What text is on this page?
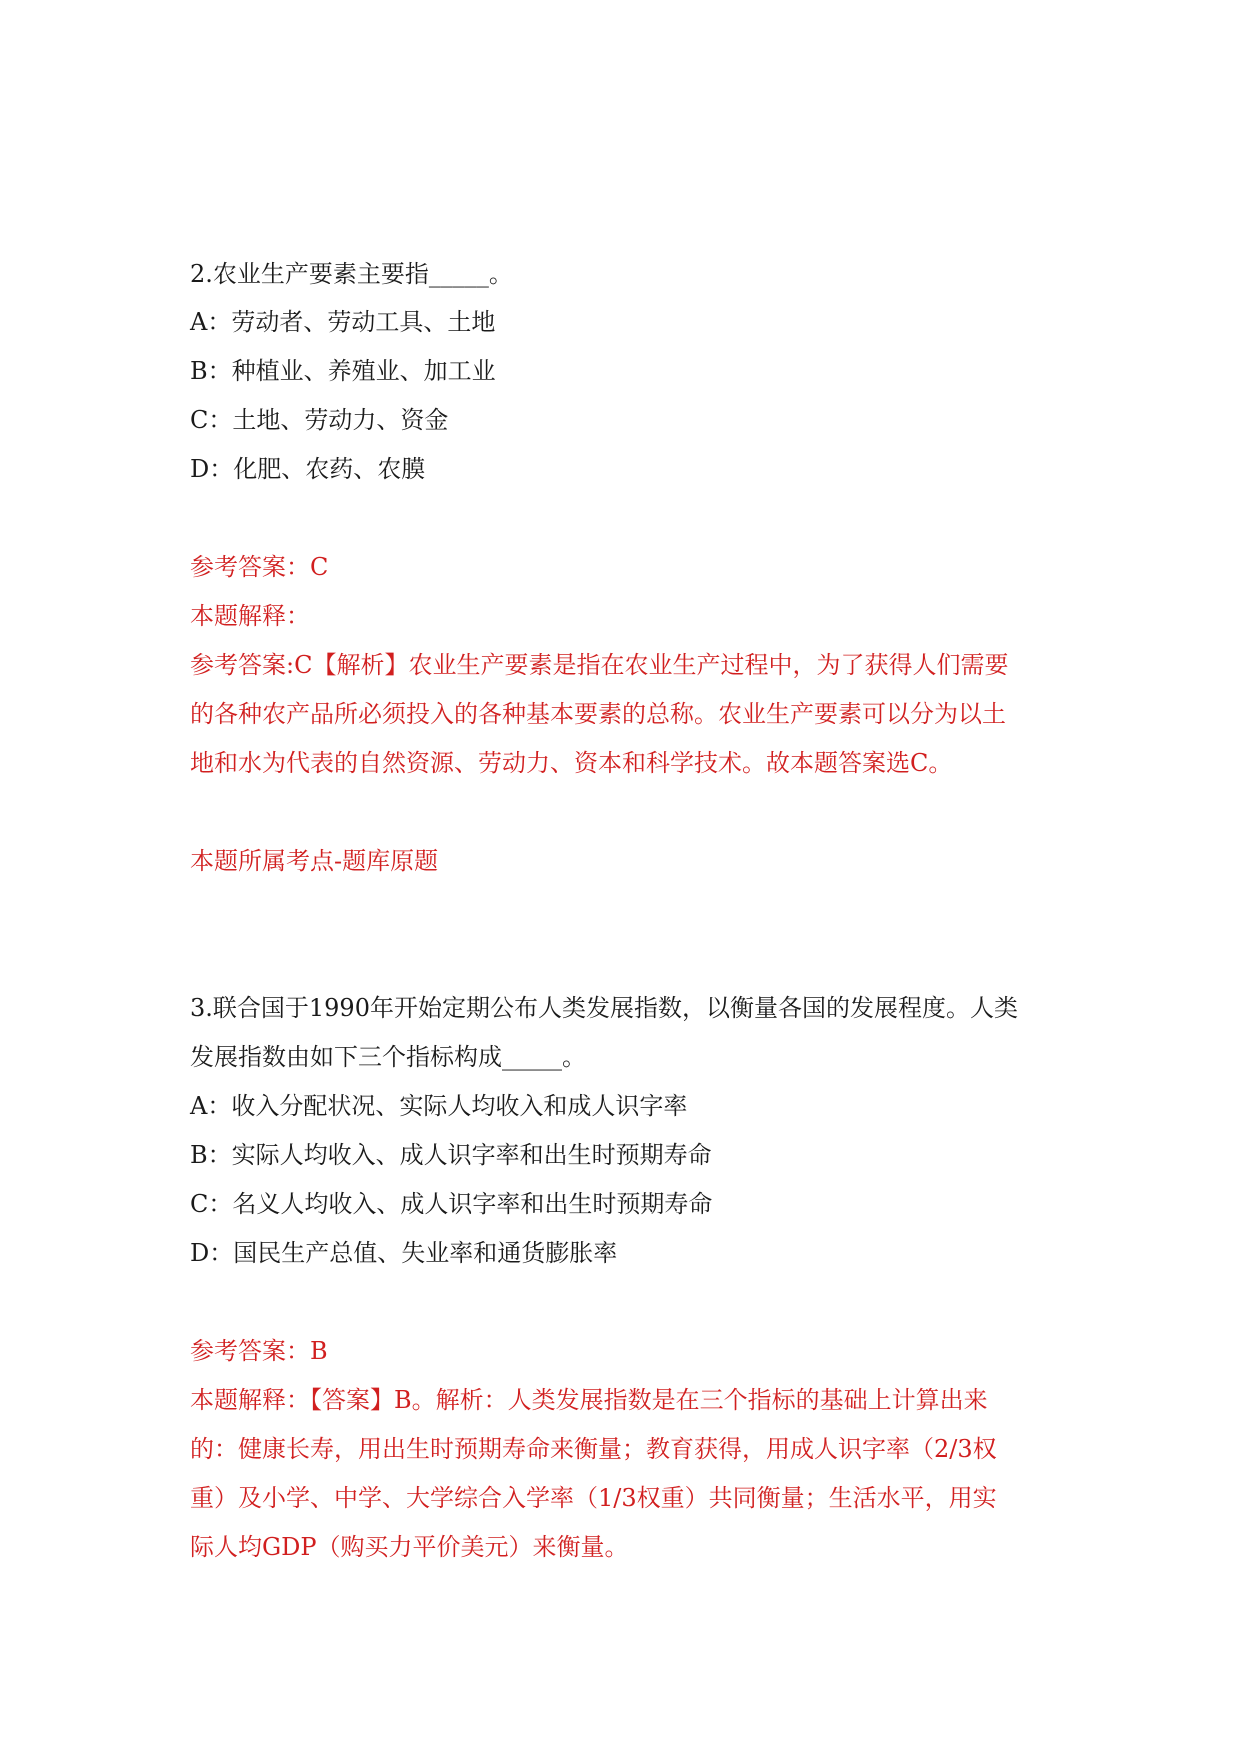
2.农业生产要素主要指_____。
A：劳动者、劳动工具、土地
B：种植业、养殖业、加工业
C：土地、劳动力、资金
D：化肥、农药、农膜
参考答案：C
本题解释：
参考答案:C【解析】农业生产要素是指在农业生产过程中，为了获得人们需要
的各种农产品所必须投入的各种基本要素的总称。农业生产要素可以分为以土
地和水为代表的自然资源、劳动力、资本和科学技术。故本题答案选C。
本题所属考点-题库原题
3.联合国于1990年开始定期公布人类发展指数，以衡量各国的发展程度。人类
发展指数由如下三个指标构成_____。
A：收入分配状况、实际人均收入和成人识字率
B：实际人均收入、成人识字率和出生时预期寿命
C：名义人均收入、成人识字率和出生时预期寿命
D：国民生产总值、失业率和通货膨胀率
参考答案：B
本题解释：【答案】B。解析：人类发展指数是在三个指标的基础上计算出来
的：健康长寿，用出生时预期寿命来衡量；教育获得，用成人识字率（2/3权
重）及小学、中学、大学综合入学率（1/3权重）共同衡量；生活水平，用实
际人均GDP（购买力平价美元）来衡量。
